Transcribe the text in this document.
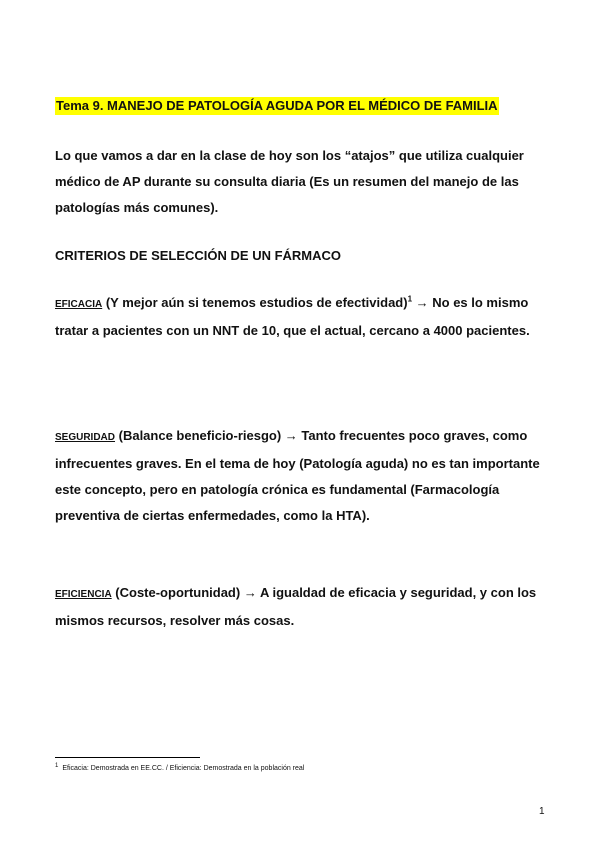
Tema 9. MANEJO DE PATOLOGÍA AGUDA POR EL MÉDICO DE FAMILIA

Lo que vamos a dar en la clase de hoy son los “atajos” que utiliza cualquier médico de AP durante su consulta diaria (Es un resumen del manejo de las patologías más comunes).

CRITERIOS DE SELECCIÓN DE UN FÁRMACO

EFICACIA (Y mejor aún si tenemos estudios de efectividad)$^1$ → No es lo mismo tratar a pacientes con un NNT de 10, que el actual, cercano a 4000 pacientes.

SEGURIDAD (Balance beneficio-riesgo) → Tanto frecuentes poco graves, como infrecuentes graves. En el tema de hoy (Patología aguda) no es tan importante este concepto, pero en patología crónica es fundamental (Farmacología preventiva de ciertas enfermedades, como la HTA).

EFICIENCIA (Coste-oportunidad) → A igualdad de eficacia y seguridad, y con los mismos recursos, resolver más cosas.

1 Eficacia: Demostrada en EE.CC. / Eficiencia: Demostrada en la población real
1
